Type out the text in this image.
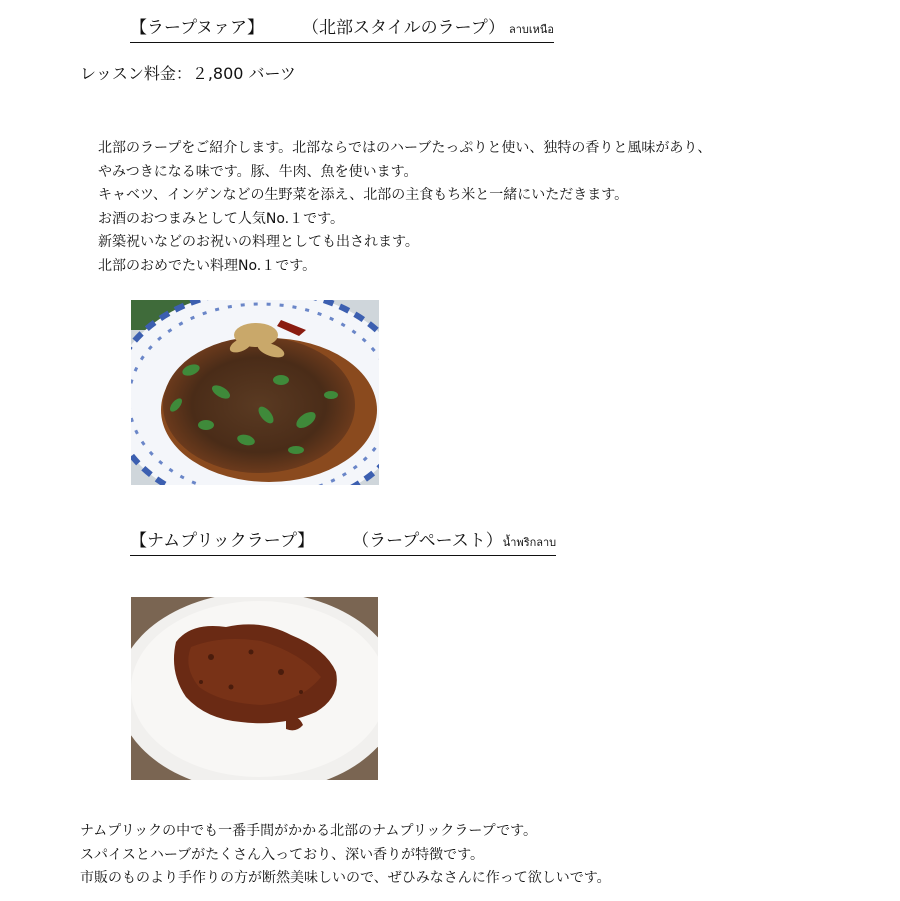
【ラープヌァア】 （北部スタイルのラープ） ลาบเหนือ
レッスン料金：２,800 バーツ
北部のラープをご紹介します。北部ならではのハーブたっぷりと使い、独特の香りと風味があり、
やみつきになる味です。豚、牛肉、魚を使います。
キャベツ、インゲンなどの生野菜を添え、北部の主食もち米と一緒にいただきます。
お酒のおつまみとして人気No.１です。
新築祝いなどのお祝いの料理としても出されます。
北部のおめでたい料理No.１です。
【ナムプリックラープ】 （ラープペースト）น้ำพริกลาบ
ナムプリックの中でも一番手間がかかる北部のナムプリックラープです。
スパイスとハーブがたくさん入っており、深い香りが特徴です。
市販のものより手作りの方が断然美味しいので、ぜひみなさんに作って欲しいです。
